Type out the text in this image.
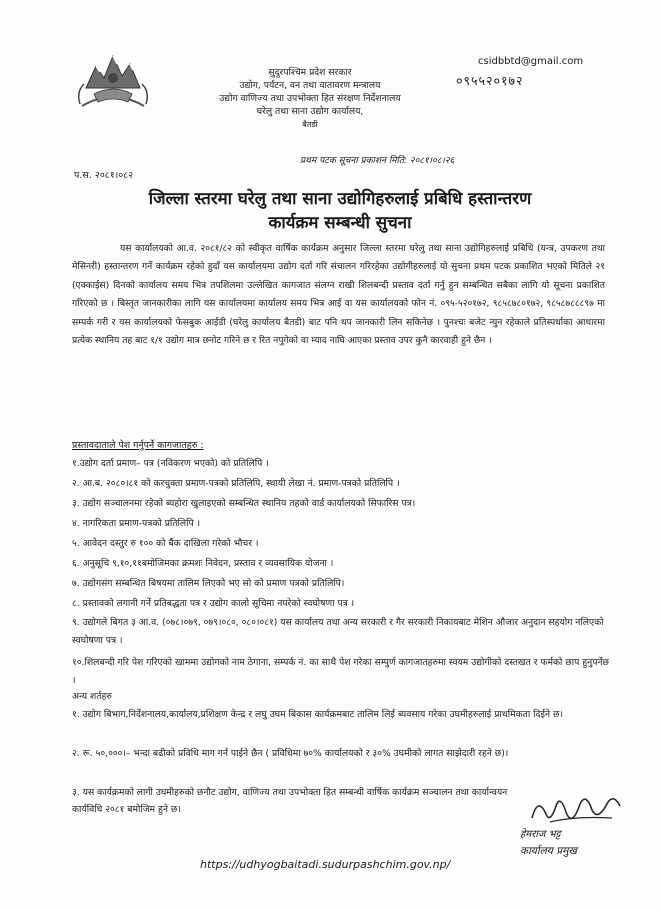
सुदुरपश्चिम प्रदेश सरकार
उद्योग, पर्यटन, वन तथा वातावरण मन्त्रालय
उद्योग वाणिज्य तथा उपभोक्ता हित संरक्षण निर्देशनालय
घरेलु तथा साना उद्योग कार्यालय,
बैतडी
csidbbtd@gmail.com
०९५५२०१७२
प्रथम पटक सूचना प्रकाशन मिति: २०८१।०८।२६
प.स. २०८१।०८२
जिल्ला स्तरमा घरेलु तथा साना उद्योगिहरुलाई प्रबिधि हस्तान्तरण
कार्यक्रम सम्बन्धी सुचना
यस कार्यालयको आ.व. २०८१/८२ को स्वीकृत वार्षिक कार्यक्रम अनुसार जिल्ला स्तरमा घरेलु तथा साना उद्योगिहरुलाई प्रबिधि (यन्त्र, उपकरण तथा मेसिनरी) हस्तान्तरण गर्ने कार्यक्रम रहेको हुदाँ यस कार्यालयमा उद्योग दर्ता गरि संचालन गरिरहेका उद्योगीहरुलाई यो सुचना प्रथम पटक प्रकाशित भएको मितिले २१ (एक्काईस) दिनको कार्यालय समय भित्र तपशिलमा उल्लेखित कागजात संलग्न राखी शिलबन्दी प्रस्ताव दर्ता गर्नु हुन सम्बन्धित सबैका लागि यो सूचना प्रकाशित गरिएको छ । बिस्तृत जानकारीका लागि यस कार्यालयमा कार्यालय समय भित्र आई वा यस कार्यालयको फोन नं. ०९५-५२०१७२, ९८५८७८०१७२, ९८५८७८८८९७ मा सम्पर्क गरी र यस कार्यालयको फेसबुक आईडी (घरेलु कार्यालय बैतडी) बाट पनि थप जानकारी लिन सकिनेछ । पुनश्चः बजेट न्युन रहेकाले प्रतिस्पर्धाका आधारमा प्रत्येक स्थानिय तह बाट १/१ उद्योग मात्र छनोट गरिने छ र रित नपुगेको वा म्याद नाघि आएका प्रस्ताव उपर कुनै कारवाही हुने छैन ।
प्रस्तावदाताले पेश गर्नुपर्ने कागजातहरु :
१.उद्योग दर्ता प्रमाण– पत्र (नविकरण भएको) को प्रतिलिपि ।
२. आ.ब. २०८०।८१ को करचुक्ता प्रमाण-पत्रको प्रतिलिपि, स्थायी लेखा नं. प्रमाण-पत्रको प्रतिलिपि ।
३. उद्योग सञ्चालनमा रहेको ब्यहोरा खुलाइएको सम्बन्धित स्थानिय तहको वार्ड कार्यालयको सिफारिस पत्र।
४. नागरिकता प्रमाण-पत्रको प्रतिलिपि ।
५. आवेदन दस्तुर रु १०० को बैंक दाखिला गरेको भौचर ।
६. अनुसूचि ९,१०,११बमोजिमका क्रमशः निवेदन, प्रस्ताव र व्यवसायिक योजना ।
७. उद्योगसंग सम्बन्धित बिषयमा तालिम लिएको भए सो को प्रमाण पत्रको प्रतिलिपि।
८. प्रस्तावको लगानी गर्ने प्रतिबद्धता पत्र र उद्योग कालो सूचिमा नपरेको स्वघोषणा पत्र ।
९. उद्योगले बिगत ३ आ.व. (०७८।०७९, ०७९।०८०, ०८०।०८१) यस कार्यालय तथा अन्य सरकारी र गैर सरकारी निकायबाट मेशिन औजार अनुदान सहयोग नलिएको स्वघोषणा पत्र ।
१०.शिलबन्दी गरि पेश गरिएको खाममा उद्योगको नाम ठेगाना, सम्पर्क नं. का साथै पेश गरेका सम्पुर्ण कागजातहरुमा स्वयम उद्योगीको दस्तखत र फर्मको छाप हुनुपर्नेछ ।
अन्य शर्तहरु
१. उद्योग बिभाग,निर्देशनालय,कार्यालय,प्रशिक्षण केन्द्र र लघु उघम बिकास कार्यक्रमबाट तालिम लिई ब्यवसाय गरेका उघमीहरुलाई प्राथमिकता दिईने छ।
२. रू. ५०,०००।– भन्दा बढीको प्रविधि माग गर्न पाईने छैन ( प्रविधिमा ७०% कार्यालयको र ३०% उघमीको लागत साझेदारी रहने छ)।
३. यस कार्यक्रमको लागी उघमीहरुको छनौट उद्योग, वाणिज्य तथा उपभोक्ता हित सम्बन्धी वार्षिक कार्यक्रम सञ्चालन तथा कार्यान्वयन कार्यविधि २०८१ बमोजिम हुने छ।
हेमराज भट्ट
कार्यालय प्रमुख
https://udhyogbaitadi.sudurpashchim.gov.np/
